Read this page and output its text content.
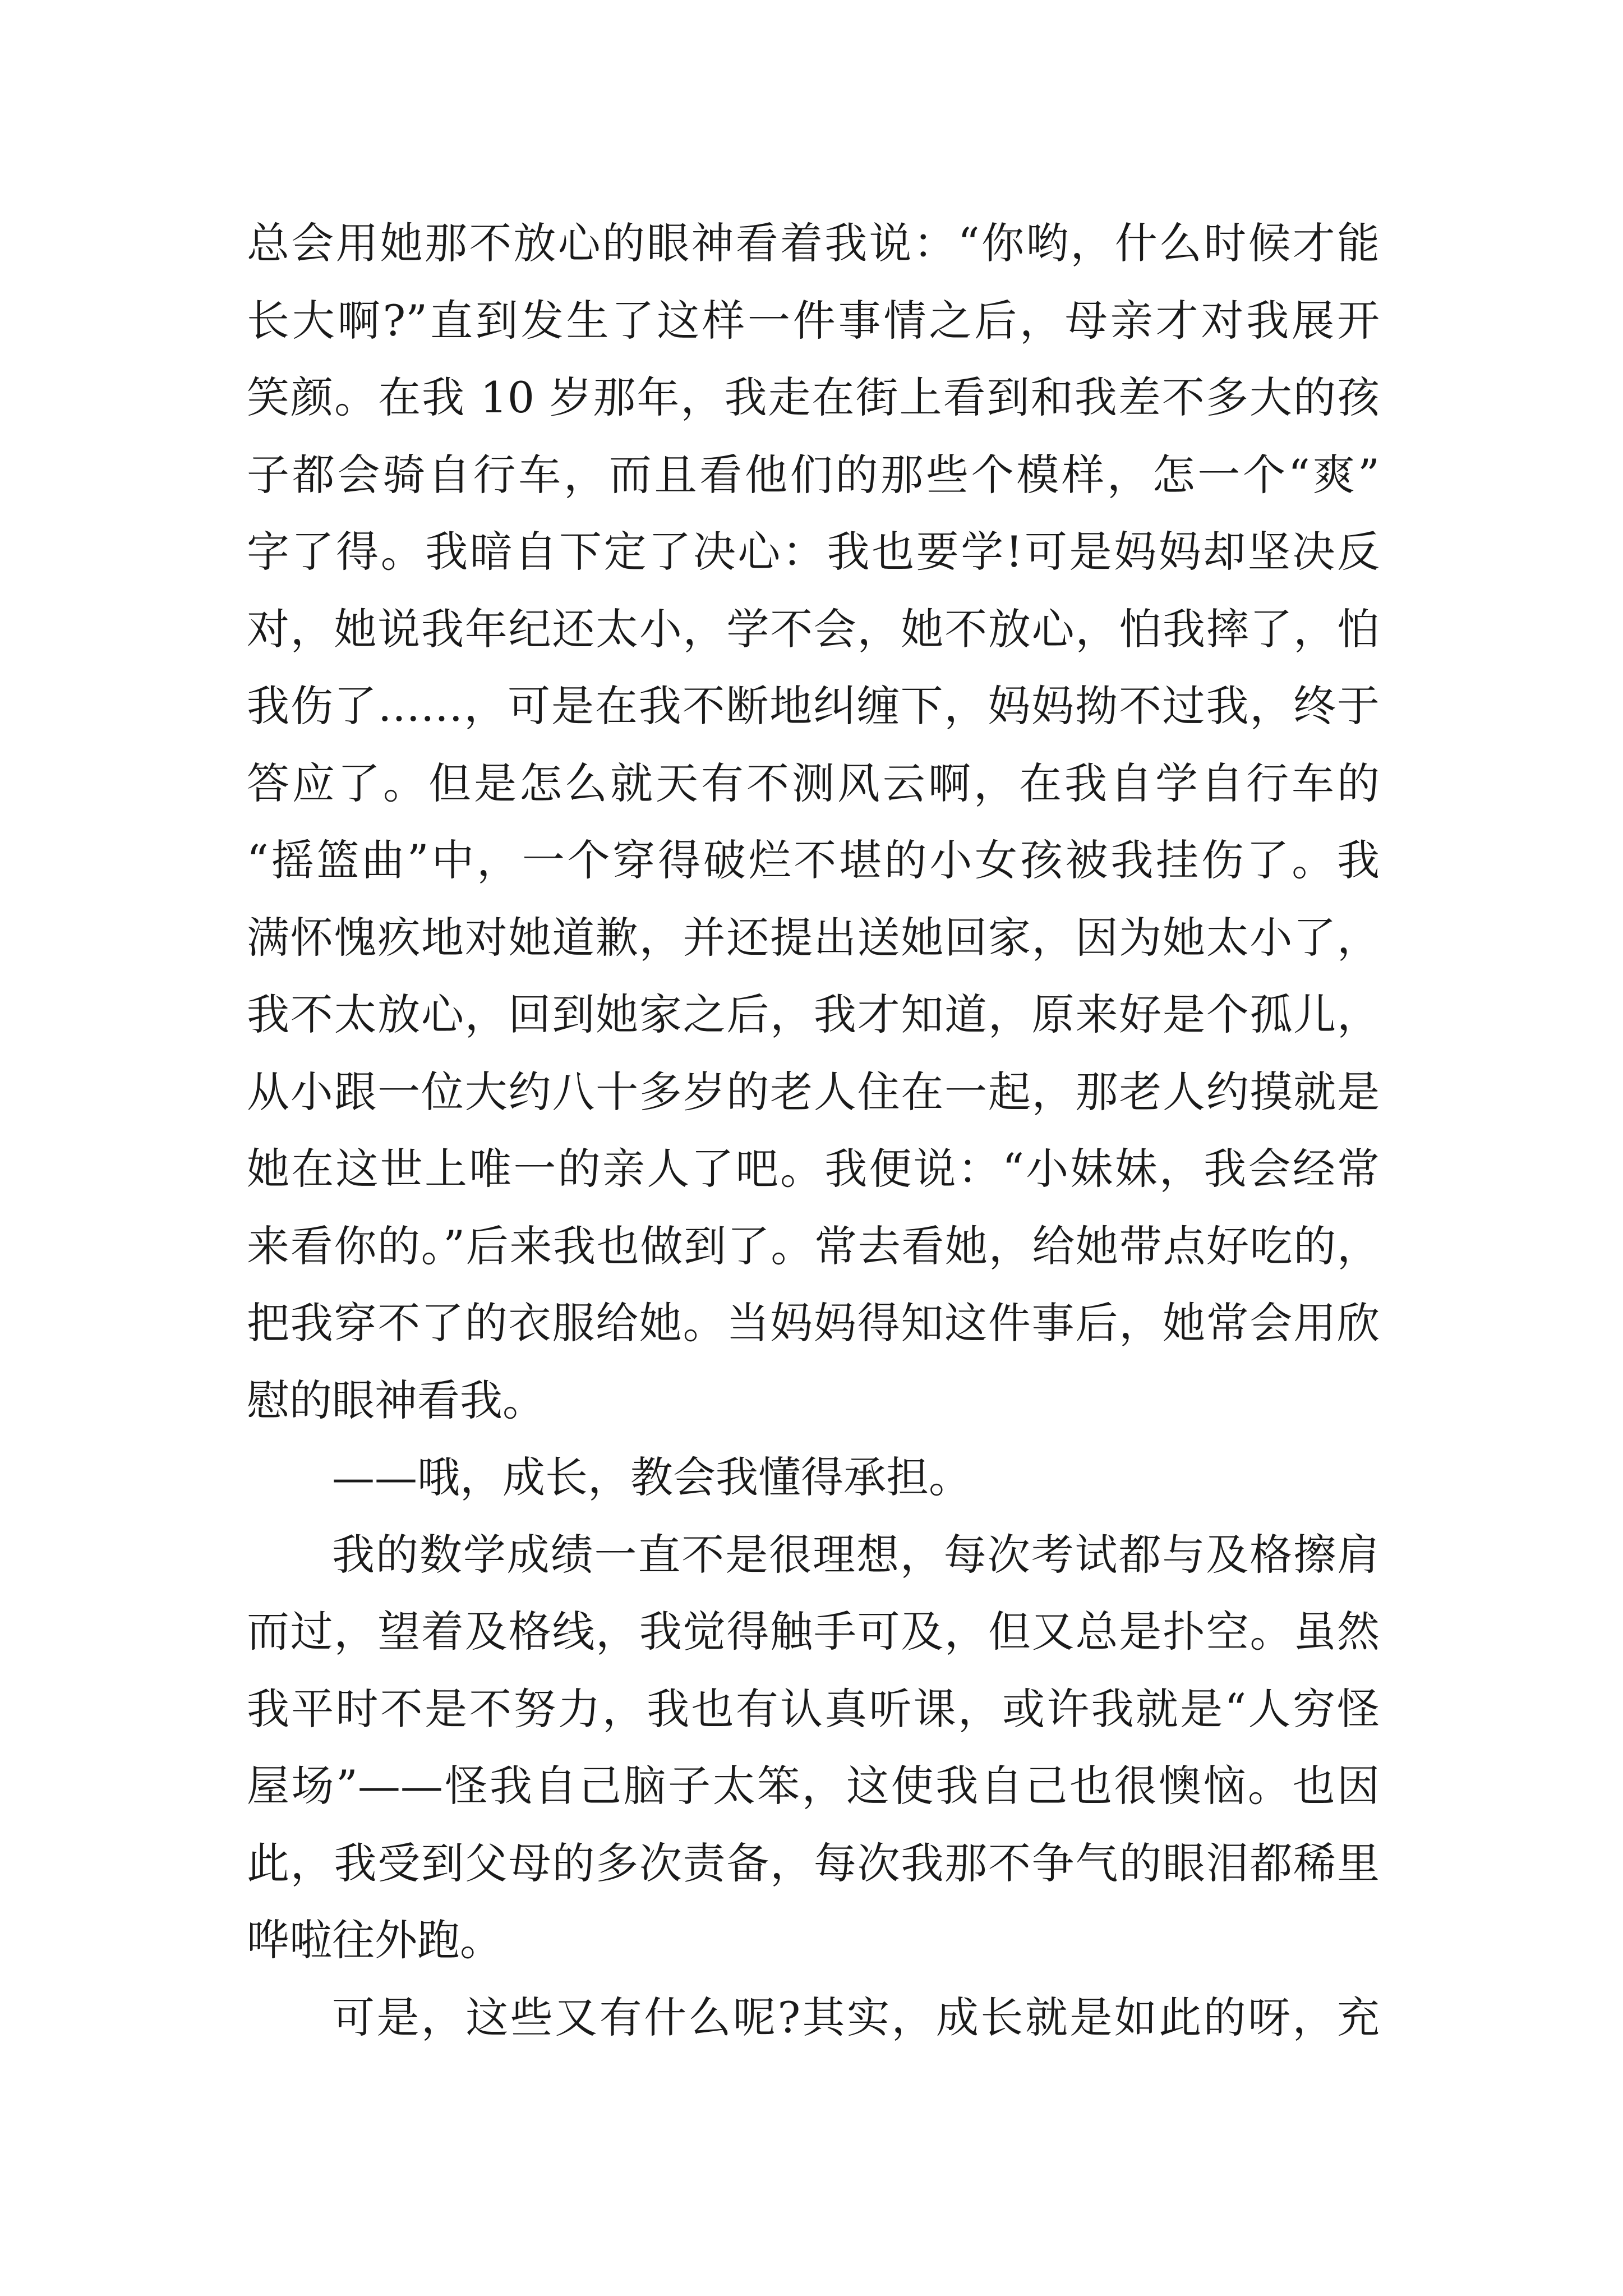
总会用她那不放心的眼神看着我说：“你哟，什么时候才能
长大啊?”直到发生了这样一件事情之后，母亲才对我展开
笑颜。在我 10 岁那年，我走在街上看到和我差不多大的孩
子都会骑自行车，而且看他们的那些个模样，怎一个“爽”
字了得。我暗自下定了决心：我也要学!可是妈妈却坚决反
对，她说我年纪还太小，学不会，她不放心，怕我摔了，怕
我伤了……，可是在我不断地纠缠下，妈妈拗不过我，终于
答应了。但是怎么就天有不测风云啊，在我自学自行车的
“摇篮曲”中，一个穿得破烂不堪的小女孩被我挂伤了。我
满怀愧疚地对她道歉，并还提出送她回家，因为她太小了，
我不太放心，回到她家之后，我才知道，原来好是个孤儿，
从小跟一位大约八十多岁的老人住在一起，那老人约摸就是
她在这世上唯一的亲人了吧。我便说：“小妹妹，我会经常
来看你的。”后来我也做到了。常去看她，给她带点好吃的，
把我穿不了的衣服给她。当妈妈得知这件事后，她常会用欣
慰的眼神看我。
——哦，成长，教会我懂得承担。
我的数学成绩一直不是很理想，每次考试都与及格擦肩
而过，望着及格线，我觉得触手可及，但又总是扑空。虽然
我平时不是不努力，我也有认真听课，或许我就是“人穷怪
屋场”——怪我自己脑子太笨，这使我自己也很懊恼。也因
此，我受到父母的多次责备，每次我那不争气的眼泪都稀里
哗啦往外跑。
可是，这些又有什么呢?其实，成长就是如此的呀，充
